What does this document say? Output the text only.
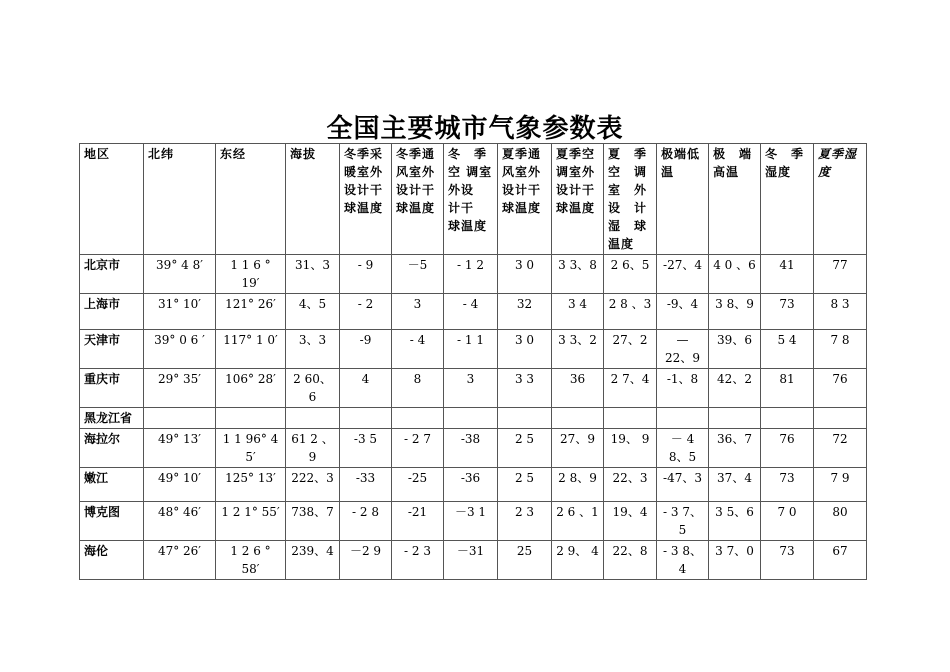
全国主要城市气象参数表
地区	北纬	东经	海拔	冬季采暖室外设计干球温度	冬季通风室外设计干球温度	冬　季空 调室　外设　计干　球温度	夏季通风室外设计干球温度	夏季空调室外设计干球温度	夏　季空　调室　外设　计湿　球温度	极端低温	极　端高温	冬　季湿度	夏季湿度
北京市	39° 4 8′	1 1 6 ° 19′	31、3	- 9	－5	- 1 2	3 0	3 3、8	2 6、5	-27、4	4 0 、6	41	77
上海市	31° 10′	121° 26′	4、5	- 2	3	- 4	32	3 4	2 8 、3	-9、4	3 8、9	73	8 3
天津市	39° 0 6 ′	117° 1 0′	3、3	-9	- 4	- 1 1	3 0	3 3、2	27、2	— 22、9	39、6	5 4	7 8
重庆市	29° 35′	106° 28′	2 60、6	4	8	3	3 3	36	2 7、4	-1、8	42、2	81	76
黑龙江省													
海拉尔	49° 13′	1 1 96° 4 5′	61 2 、9	-3 5	- 2 7	-38	2 5	27、9	19、 9	－ 4 8、5	36、7	76	72
嫩江	49° 10′	125° 13′	222、3	-33	-25	-36	2 5	2 8、9	22、3	-47、3	37、4	73	7 9
博克图	48° 46′	1 2 1° 55′	738、7	- 2 8	-21	－3 1	2 3	2 6 、1	19、4	- 3 7、5	3 5、6	7 0	80
海伦	47° 26′	1 2 6 ° 58′	239、4	－2 9	- 2 3	－31	25	2 9、 4	22、8	- 3 8、4	3 7、0	73	67
